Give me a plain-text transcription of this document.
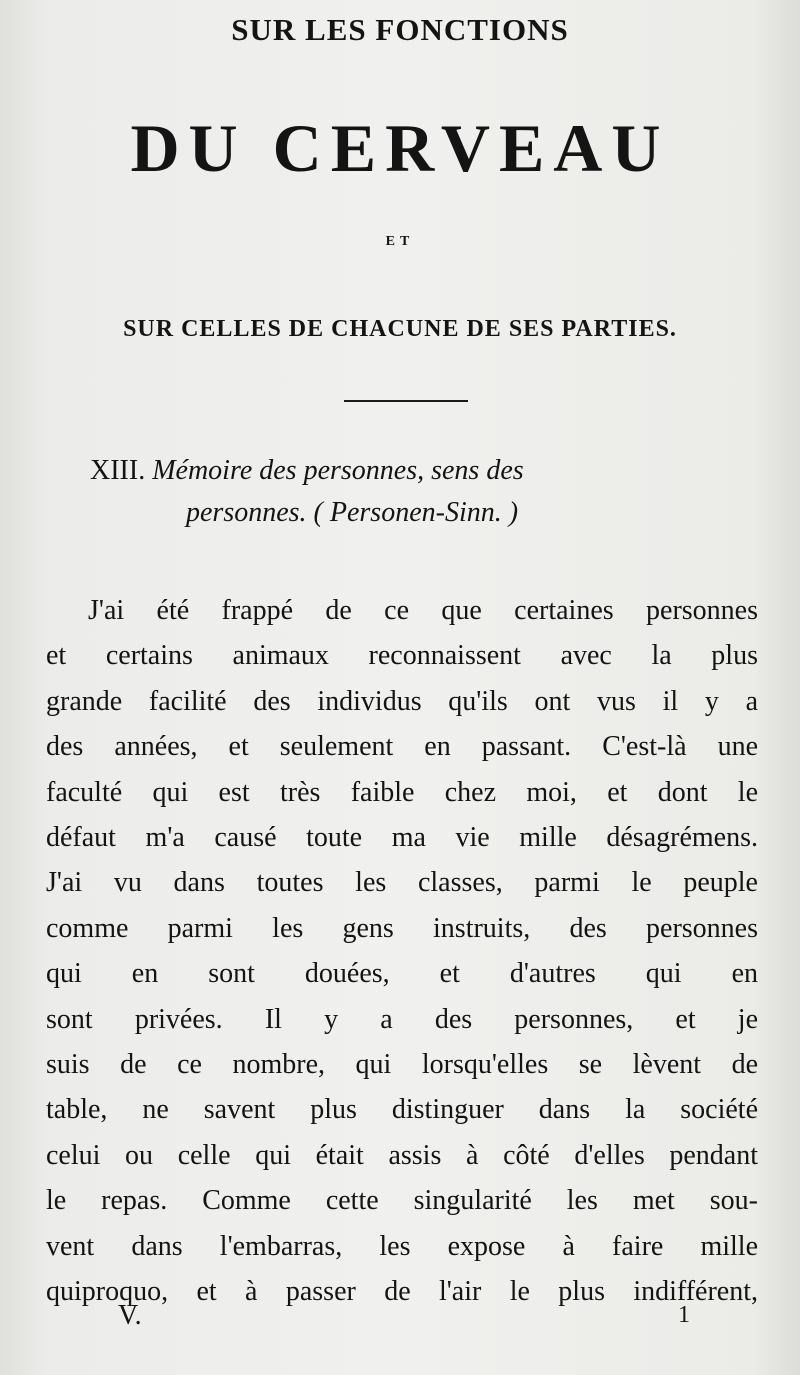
SUR LES FONCTIONS
DU CERVEAU
ET
SUR CELLES DE CHACUNE DE SES PARTIES.
XIII. Mémoire des personnes, sens des
personnes. ( Personen-Sinn. )
J'ai été frappé de ce que certaines personnes
et certains animaux reconnaissent avec la plus
grande facilité des individus qu'ils ont vus il y a
des années, et seulement en passant. C'est-là une
faculté qui est très faible chez moi, et dont le
défaut m'a causé toute ma vie mille désagrémens.
J'ai vu dans toutes les classes, parmi le peuple
comme parmi les gens instruits, des personnes
qui en sont douées, et d'autres qui en
sont privées. Il y a des personnes, et je
suis de ce nombre, qui lorsqu'elles se lèvent de
table, ne savent plus distinguer dans la société
celui ou celle qui était assis à côté d'elles pendant
le repas. Comme cette singularité les met sou-
vent dans l'embarras, les expose à faire mille
quiproquo, et à passer de l'air le plus indifférent,
V.	1
